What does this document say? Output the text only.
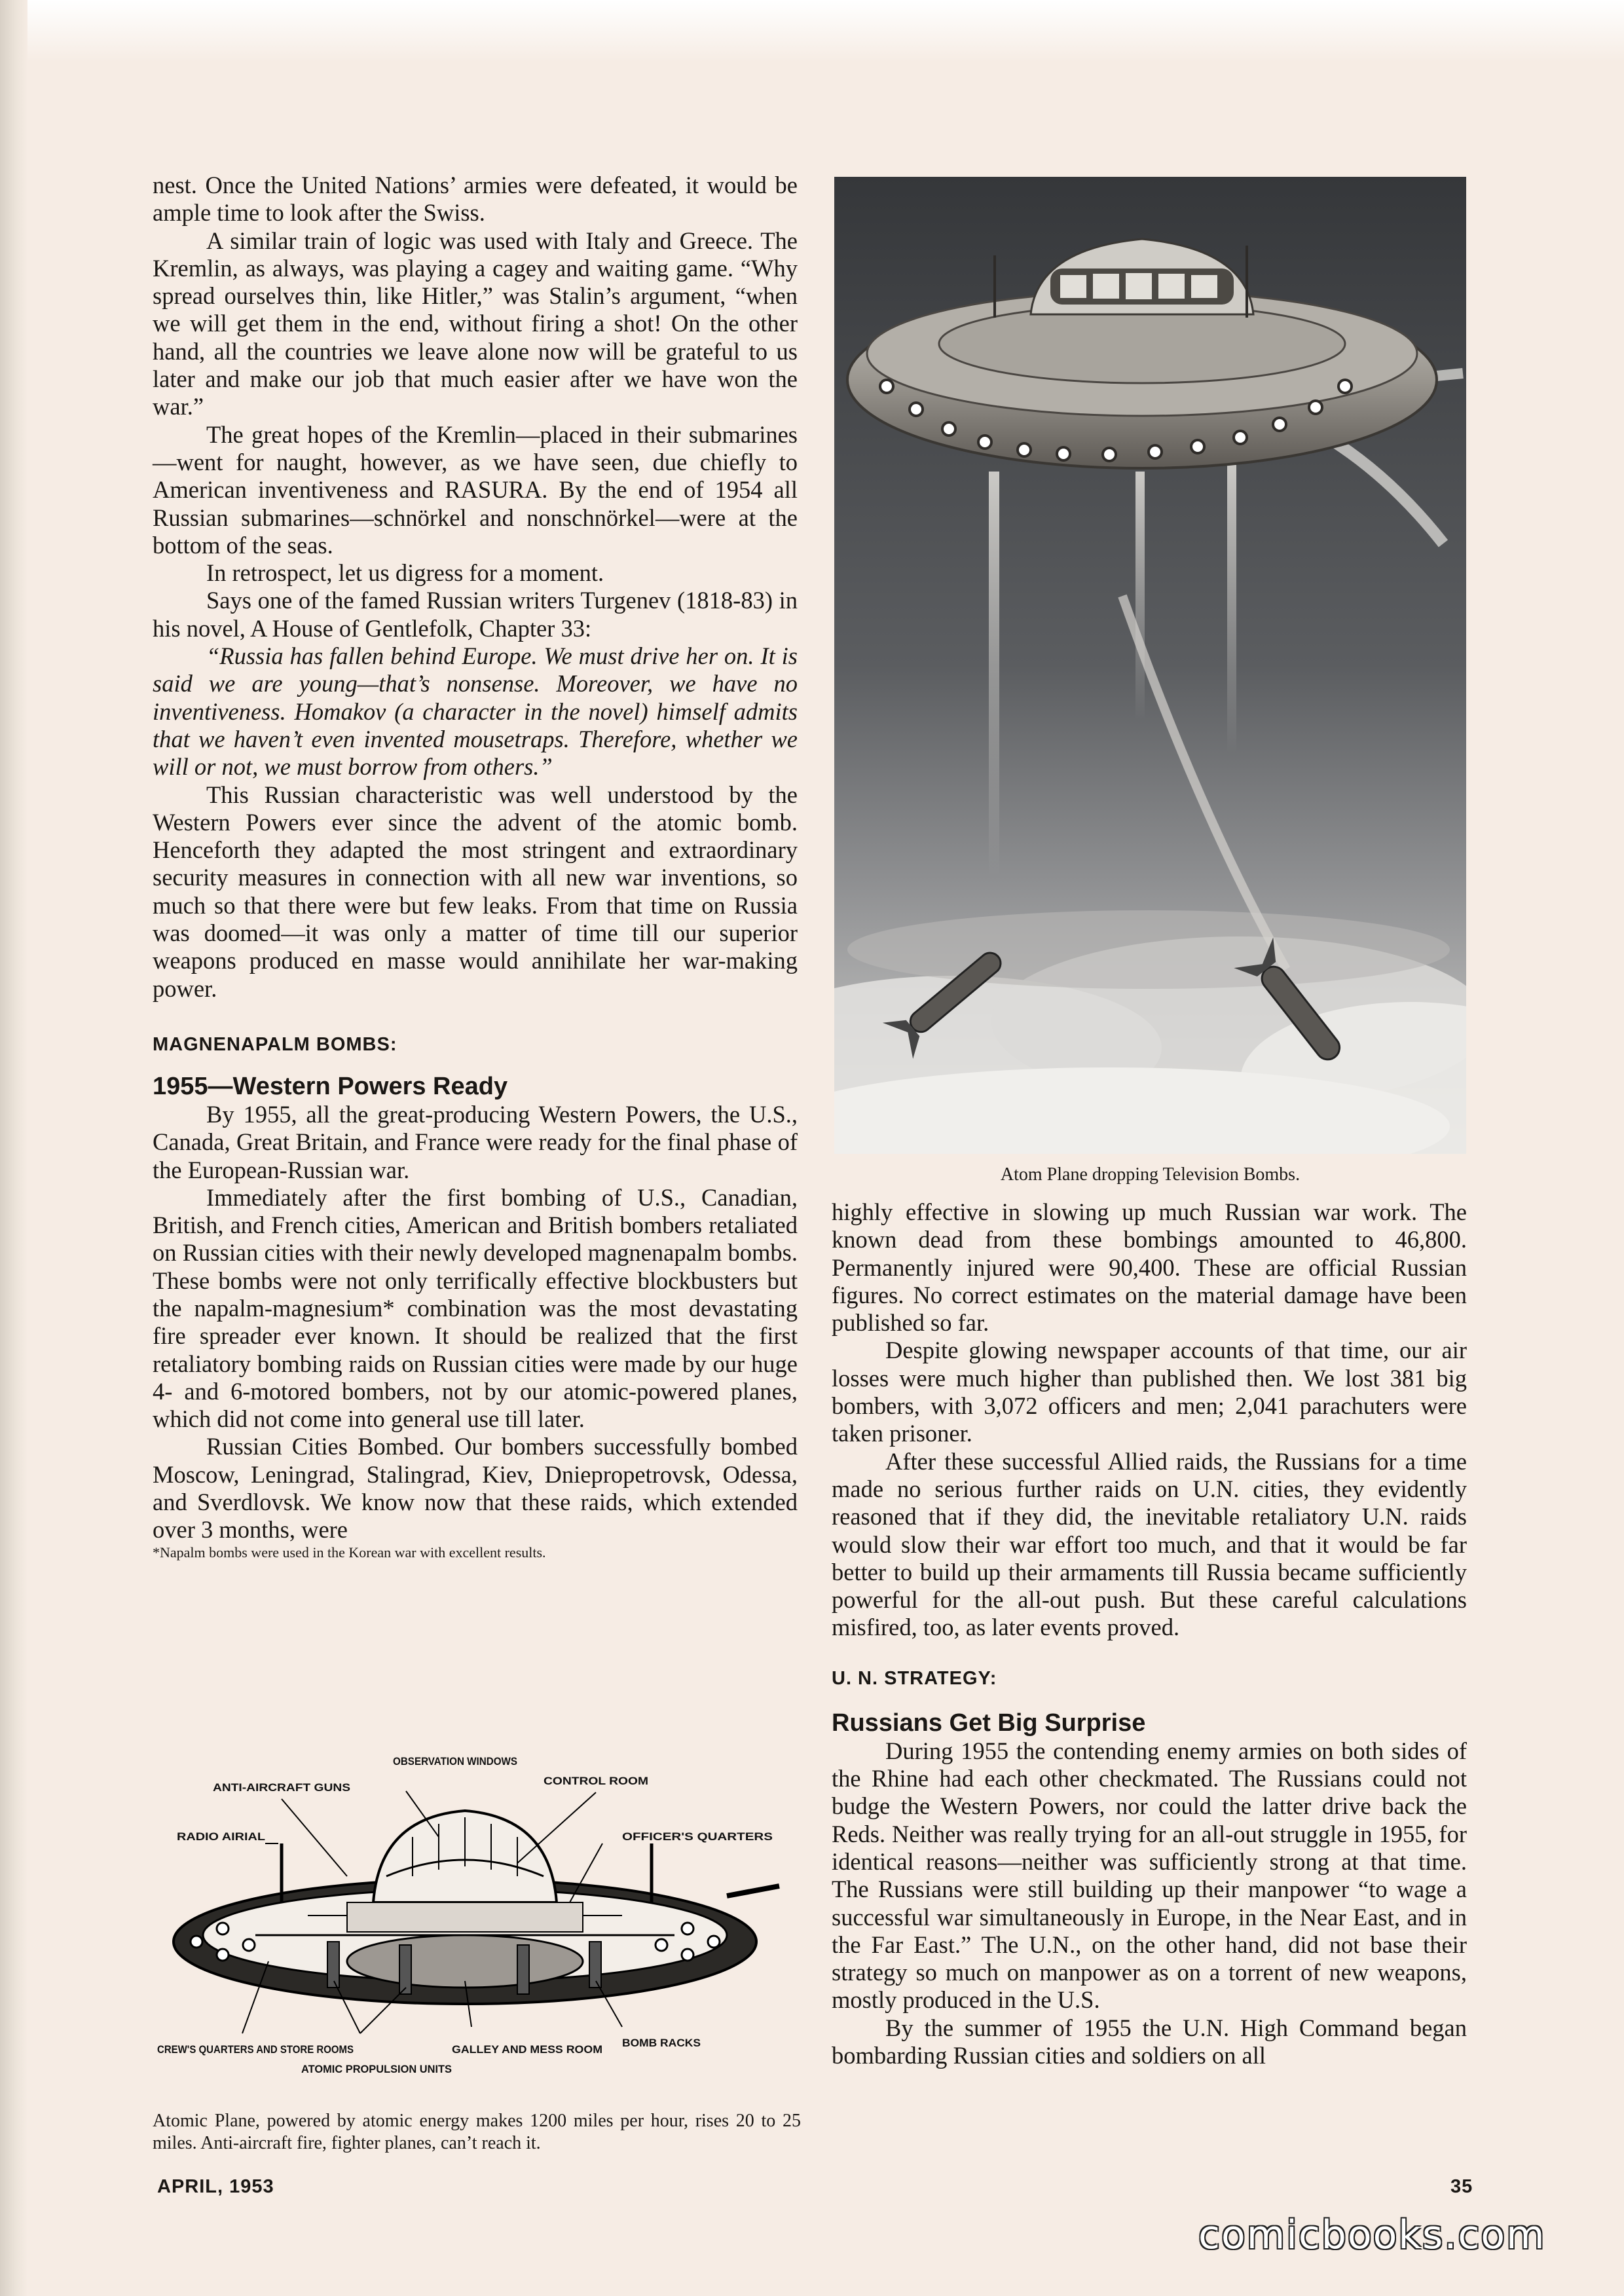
nest. Once the United Nations’ armies were defeated, it would be ample time to look after the Swiss.

A similar train of logic was used with Italy and Greece. The Kremlin, as always, was playing a cagey and waiting game. “Why spread ourselves thin, like Hitler,” was Stalin’s argument, “when we will get them in the end, without firing a shot! On the other hand, all the countries we leave alone now will be grateful to us later and make our job that much easier after we have won the war.”

The great hopes of the Kremlin—placed in their submarines—went for naught, however, as we have seen, due chiefly to American inventiveness and RASURA. By the end of 1954 all Russian submarines—schnörkel and nonschnörkel—were at the bottom of the seas.

In retrospect, let us digress for a moment.

Says one of the famed Russian writers Turgenev (1818-83) in his novel, A House of Gentlefolk, Chapter 33:

“Russia has fallen behind Europe. We must drive her on. It is said we are young—that’s nonsense. Moreover, we have no inventiveness. Homakov (a character in the novel) himself admits that we haven’t even invented mousetraps. Therefore, whether we will or not, we must borrow from others.”

This Russian characteristic was well understood by the Western Powers ever since the advent of the atomic bomb. Henceforth they adapted the most stringent and extraordinary security measures in connection with all new war inventions, so much so that there were but few leaks. From that time on Russia was doomed—it was only a matter of time till our superior weapons produced en masse would annihilate her war-making power.

MAGNENAPALM BOMBS:

1955—Western Powers Ready

By 1955, all the great-producing Western Powers, the U.S., Canada, Great Britain, and France were ready for the final phase of the European-Russian war.

Immediately after the first bombing of U.S., Canadian, British, and French cities, American and British bombers retaliated on Russian cities with their newly developed magnenapalm bombs. These bombs were not only terrifically effective blockbusters but the napalm-magnesium* combination was the most devastating fire spreader ever known. It should be realized that the first retaliatory bombing raids on Russian cities were made by our huge 4- and 6-motored bombers, not by our atomic-powered planes, which did not come into general use till later.

Russian Cities Bombed. Our bombers successfully bombed Moscow, Leningrad, Stalingrad, Kiev, Dniepropetrovsk, Odessa, and Sverdlovsk. We know now that these raids, which extended over 3 months, were

*Napalm bombs were used in the Korean war with excellent results.

Atom Plane dropping Television Bombs.

highly effective in slowing up much Russian war work. The known dead from these bombings amounted to 46,800. Permanently injured were 90,400. These are official Russian figures. No correct estimates on the material damage have been published so far.

Despite glowing newspaper accounts of that time, our air losses were much higher than published then. We lost 381 big bombers, with 3,072 officers and men; 2,041 parachuters were taken prisoner.

After these successful Allied raids, the Russians for a time made no serious further raids on U.N. cities, they evidently reasoned that if they did, the inevitable retaliatory U.N. raids would slow their war effort too much, and that it would be far better to build up their armaments till Russia became sufficiently powerful for the all-out push. But these careful calculations misfired, too, as later events proved.

U. N. STRATEGY:

Russians Get Big Surprise

During 1955 the contending enemy armies on both sides of the Rhine had each other checkmated. The Russians could not budge the Western Powers, nor could the latter drive back the Reds. Neither was really trying for an all-out struggle in 1955, for identical reasons—neither was sufficiently strong at that time. The Russians were still building up their manpower “to wage a successful war simultaneously in Europe, in the Near East, and in the Far East.” The U.N., on the other hand, did not base their strategy so much on manpower as on a torrent of new weapons, mostly produced in the U.S.

By the summer of 1955 the U.N. High Command began bombarding Russian cities and soldiers on all

OBSERVATION WINDOWS
ANTI-AIRCRAFT GUNS
CONTROL ROOM
RADIO AIRIAL	OFFICER'S QUARTERS
CREW'S QUARTERS AND STORE ROOMS
ATOMIC PROPULSION UNITS
GALLEY AND MESS ROOM
BOMB RACKS
Atomic Plane, powered by atomic energy makes 1200 miles per hour, rises 20 to 25 miles. Anti-aircraft fire, fighter planes, can’t reach it.
APRIL, 1953	35
comicbooks.com
